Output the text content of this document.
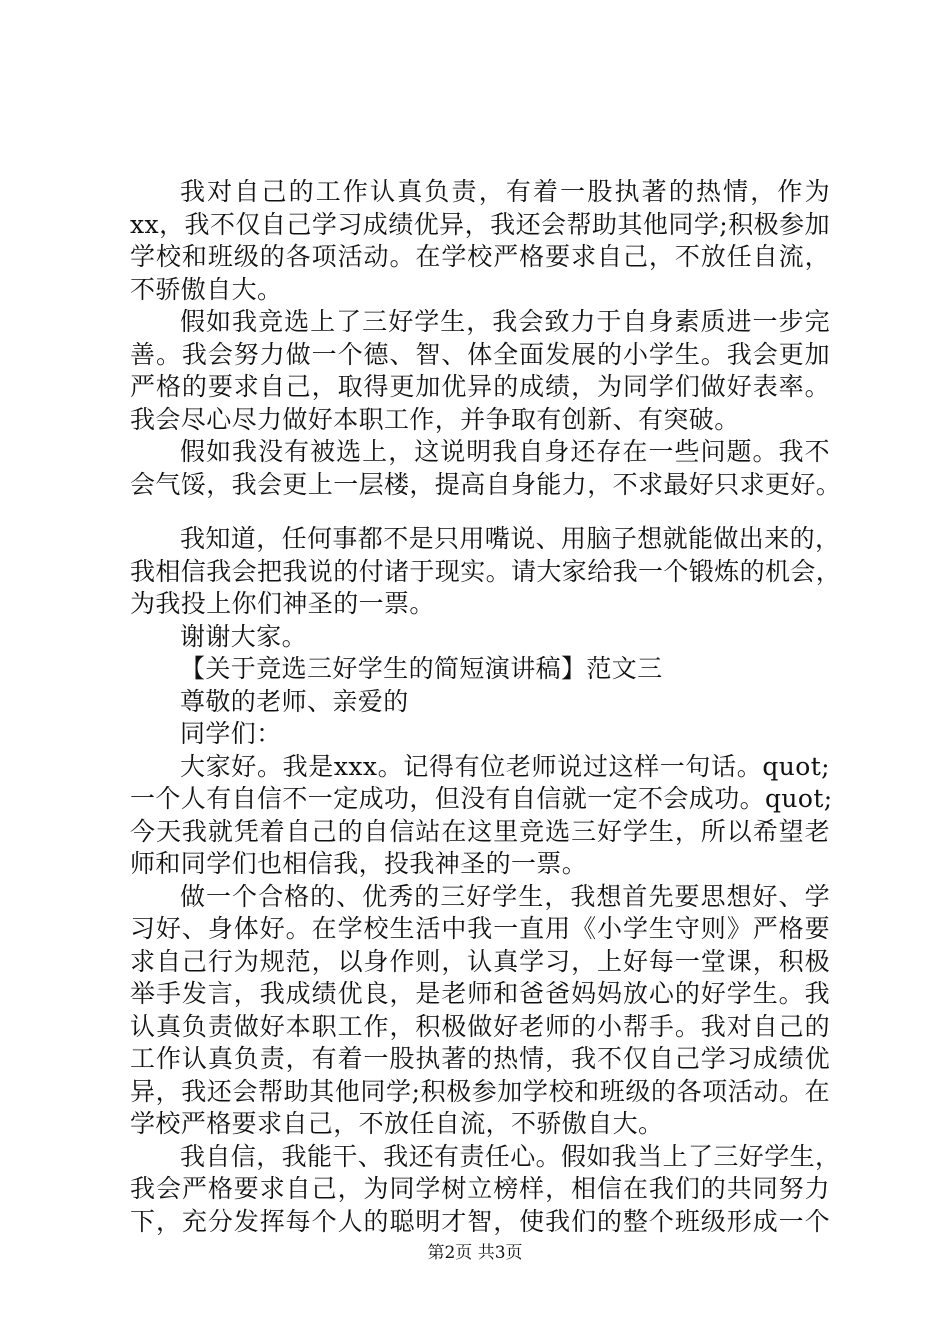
我对自己的工作认真负责，有着一股执著的热情，作为
xx，我不仅自己学习成绩优异，我还会帮助其他同学;积极参加
学校和班级的各项活动。在学校严格要求自己，不放任自流，
不骄傲自大。
假如我竞选上了三好学生，我会致力于自身素质进一步完
善。我会努力做一个德、智、体全面发展的小学生。我会更加
严格的要求自己，取得更加优异的成绩，为同学们做好表率。
我会尽心尽力做好本职工作，并争取有创新、有突破。
假如我没有被选上，这说明我自身还存在一些问题。我不
会气馁，我会更上一层楼，提高自身能力，不求最好只求更好。
我知道，任何事都不是只用嘴说、用脑子想就能做出来的，
我相信我会把我说的付诸于现实。请大家给我一个锻炼的机会，
为我投上你们神圣的一票。
谢谢大家。
【关于竞选三好学生的简短演讲稿】范文三
尊敬的老师、亲爱的
同学们：
大家好。我是xxx。记得有位老师说过这样一句话。quot;
一个人有自信不一定成功，但没有自信就一定不会成功。quot;
今天我就凭着自己的自信站在这里竞选三好学生，所以希望老
师和同学们也相信我，投我神圣的一票。
做一个合格的、优秀的三好学生，我想首先要思想好、学
习好、身体好。在学校生活中我一直用《小学生守则》严格要
求自己行为规范，以身作则，认真学习，上好每一堂课，积极
举手发言，我成绩优良，是老师和爸爸妈妈放心的好学生。我
认真负责做好本职工作，积极做好老师的小帮手。我对自己的
工作认真负责，有着一股执著的热情，我不仅自己学习成绩优
异，我还会帮助其他同学;积极参加学校和班级的各项活动。在
学校严格要求自己，不放任自流，不骄傲自大。
我自信，我能干、我还有责任心。假如我当上了三好学生，
我会严格要求自己，为同学树立榜样，相信在我们的共同努力
下，充分发挥每个人的聪明才智，使我们的整个班级形成一个
第2页 共3页
